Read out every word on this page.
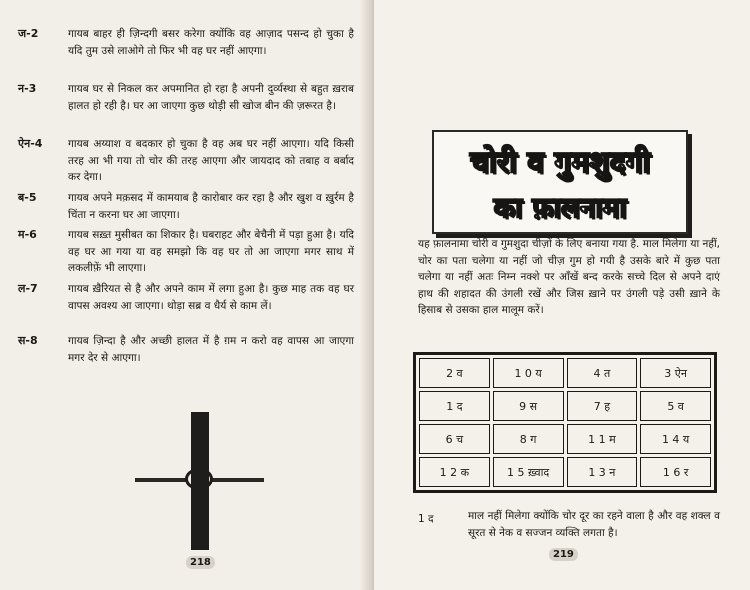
ज-2	गायब बाहर ही ज़िन्दगी बसर करेगा क्योंकि वह आज़ाद पसन्द हो चुका है यदि तुम उसे लाओगे तो फिर भी वह घर नहीं आएगा।
न-3	गायब घर से निकल कर अपमानित हो रहा है अपनी दुर्व्यस्था से बहुत ख़राब हालत हो रही है। घर आ जाएगा कुछ थोड़ी सी खोज बीन की ज़रूरत है।
ऐन-4	गायब अय्याश व बदकार हो चुका है वह अब घर नहीं आएगा। यदि किसी तरह आ भी गया तो चोर की तरह आएगा और जायदाद को तबाह व बर्बाद कर देगा।
ब-5	गायब अपने मक़सद में कामयाब है कारोबार कर रहा है और खुश व ख़ुर्रम है चिंता न करना घर आ जाएगा।
म-6	गायब सख़्त मुसीबत का शिकार है। घबराहट और बेचैनी में पड़ा हुआ है। यदि वह घर आ गया या वह समझो कि वह घर तो आ जाएगा मगर साथ में लकलीफ़ें भी लाएगा।
ल-7	गायब ख़ैरियत से है और अपने काम में लगा हुआ है। कुछ माह तक वह घर वापस अवश्य आ जाएगा। थोड़ा सब्र व धैर्य से काम लें।
स-8	गायब ज़िन्दा है और अच्छी हालत में है ग़म न करो वह वापस आ जाएगा मगर देर से आएगा।
218
चोरी व गुमशुदगी
का फ़ालनामा
यह फ़ालनामा चोरी व गुमशुदा चीज़ों के लिए बनाया गया है. माल मिलेगा या नहीं, चोर का पता चलेगा या नहीं जो चीज़ गुम हो गयी है उसके बारे में कुछ पता चलेगा या नहीं अतः निम्न नक्शे पर आँखें बन्द करके सच्चे दिल से अपने दाएं हाथ की शहादत की उंगली रखें और जिस ख़ाने पर उंगली पड़े उसी ख़ाने के हिसाब से उसका हाल मालूम करें।
2 व	1 0 य	4 त	3 ऐन
1 द	9 स	7 ह	5 व
6 च	8 ग	1 1 म	1 4 य
1 2 क	1 5 ख़्वाद	1 3 न	1 6 र
1 द	माल नहीं मिलेगा क्योंकि चोर दूर का रहने वाला है और वह शक्ल व सूरत से नेक व सज्जन व्यक्ति लगता है।
219
